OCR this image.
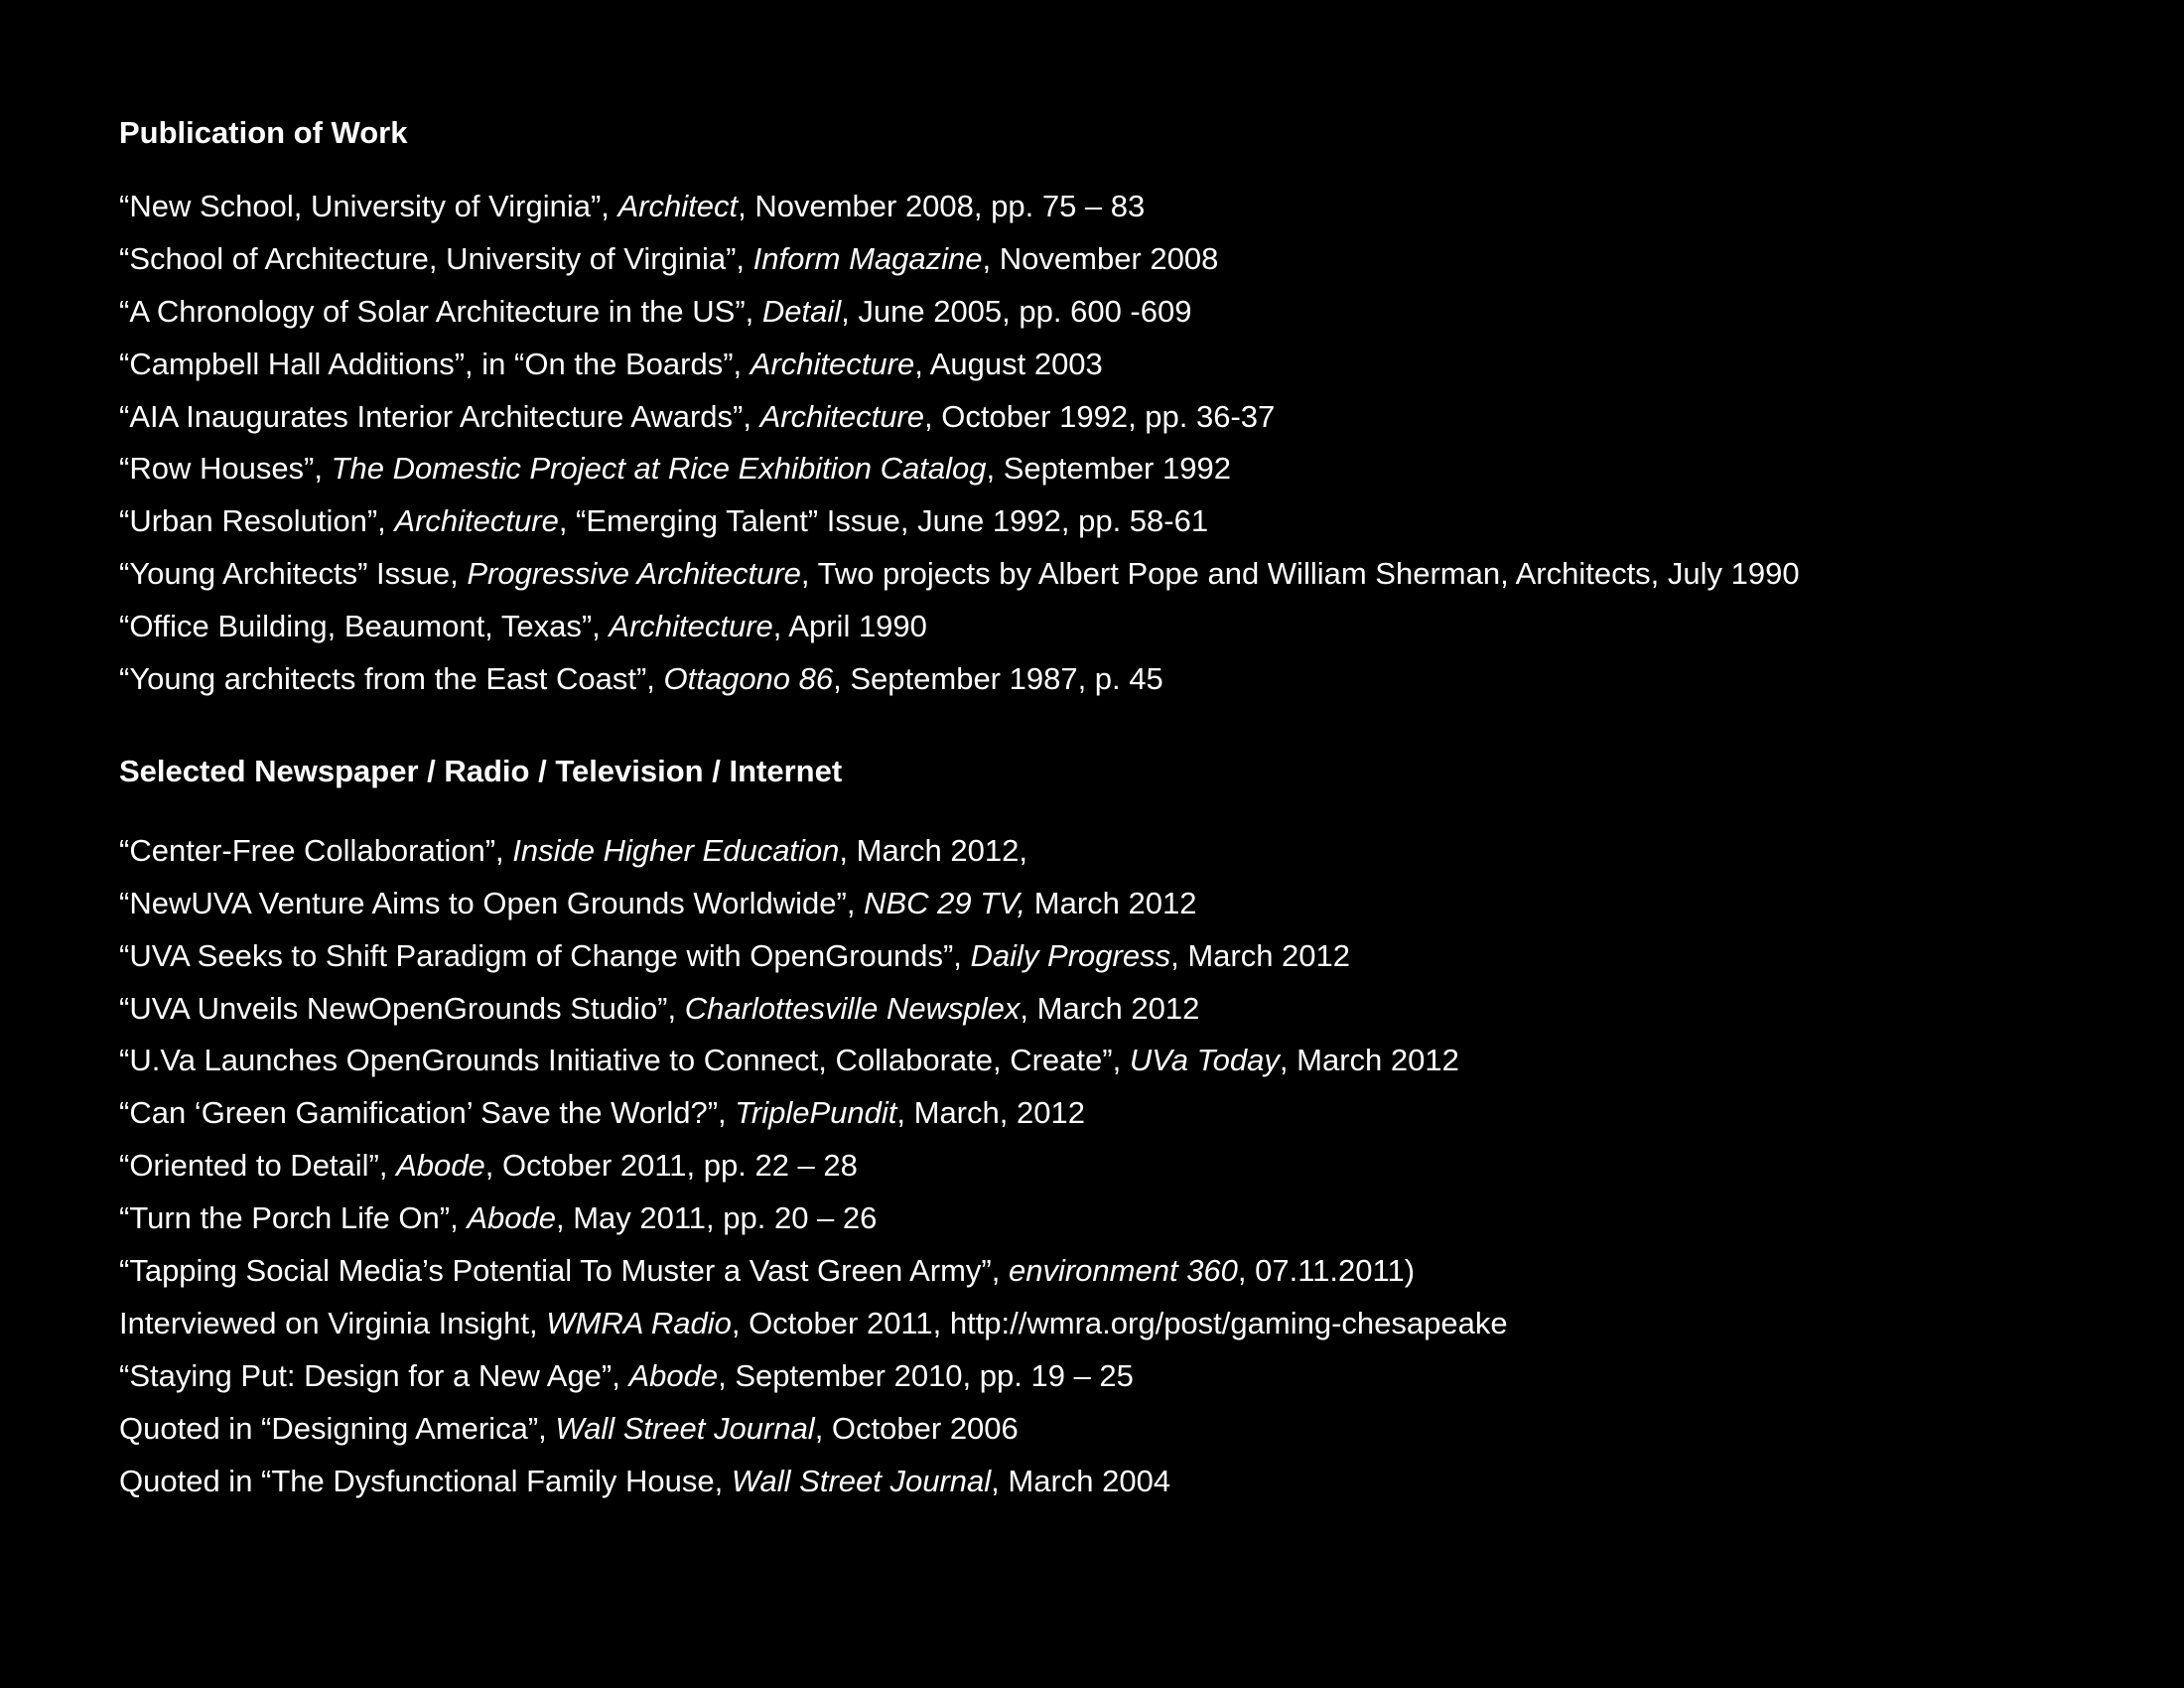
Publication of Work
“New School, University of Virginia”, Architect, November 2008, pp. 75 – 83
“School of Architecture, University of Virginia”, Inform Magazine, November 2008
“A Chronology of Solar Architecture in the US”, Detail, June 2005, pp. 600 -609
“Campbell Hall Additions”, in “On the Boards”, Architecture, August 2003
“AIA Inaugurates Interior Architecture Awards”, Architecture, October 1992, pp. 36-37
“Row Houses”, The Domestic Project at Rice Exhibition Catalog, September 1992
“Urban Resolution”, Architecture, “Emerging Talent” Issue, June 1992, pp. 58-61
“Young Architects” Issue, Progressive Architecture, Two projects by Albert Pope and William Sherman, Architects, July 1990
“Office Building, Beaumont, Texas”, Architecture, April 1990
“Young architects from the East Coast”, Ottagono 86, September 1987, p. 45
Selected Newspaper / Radio / Television / Internet
“Center-Free Collaboration”, Inside Higher Education, March 2012,
“NewUVA Venture Aims to Open Grounds Worldwide”, NBC 29 TV, March 2012
“UVA Seeks to Shift Paradigm of Change with OpenGrounds”, Daily Progress, March 2012
“UVA Unveils NewOpenGrounds Studio”, Charlottesville Newsplex, March 2012
“U.Va Launches OpenGrounds Initiative to Connect, Collaborate, Create”, UVa Today, March 2012
“Can ‘Green Gamification’ Save the World?”, TriplePundit, March, 2012
“Oriented to Detail”, Abode, October 2011, pp. 22 – 28
“Turn the Porch Life On”, Abode, May 2011, pp. 20 – 26
“Tapping Social Media’s Potential To Muster a Vast Green Army”, environment 360, 07.11.2011)
Interviewed on Virginia Insight, WMRA Radio, October 2011, http://wmra.org/post/gaming-chesapeake
“Staying Put: Design for a New Age”, Abode, September 2010, pp. 19 – 25
Quoted in “Designing America”, Wall Street Journal, October 2006
Quoted in “The Dysfunctional Family House, Wall Street Journal, March 2004
